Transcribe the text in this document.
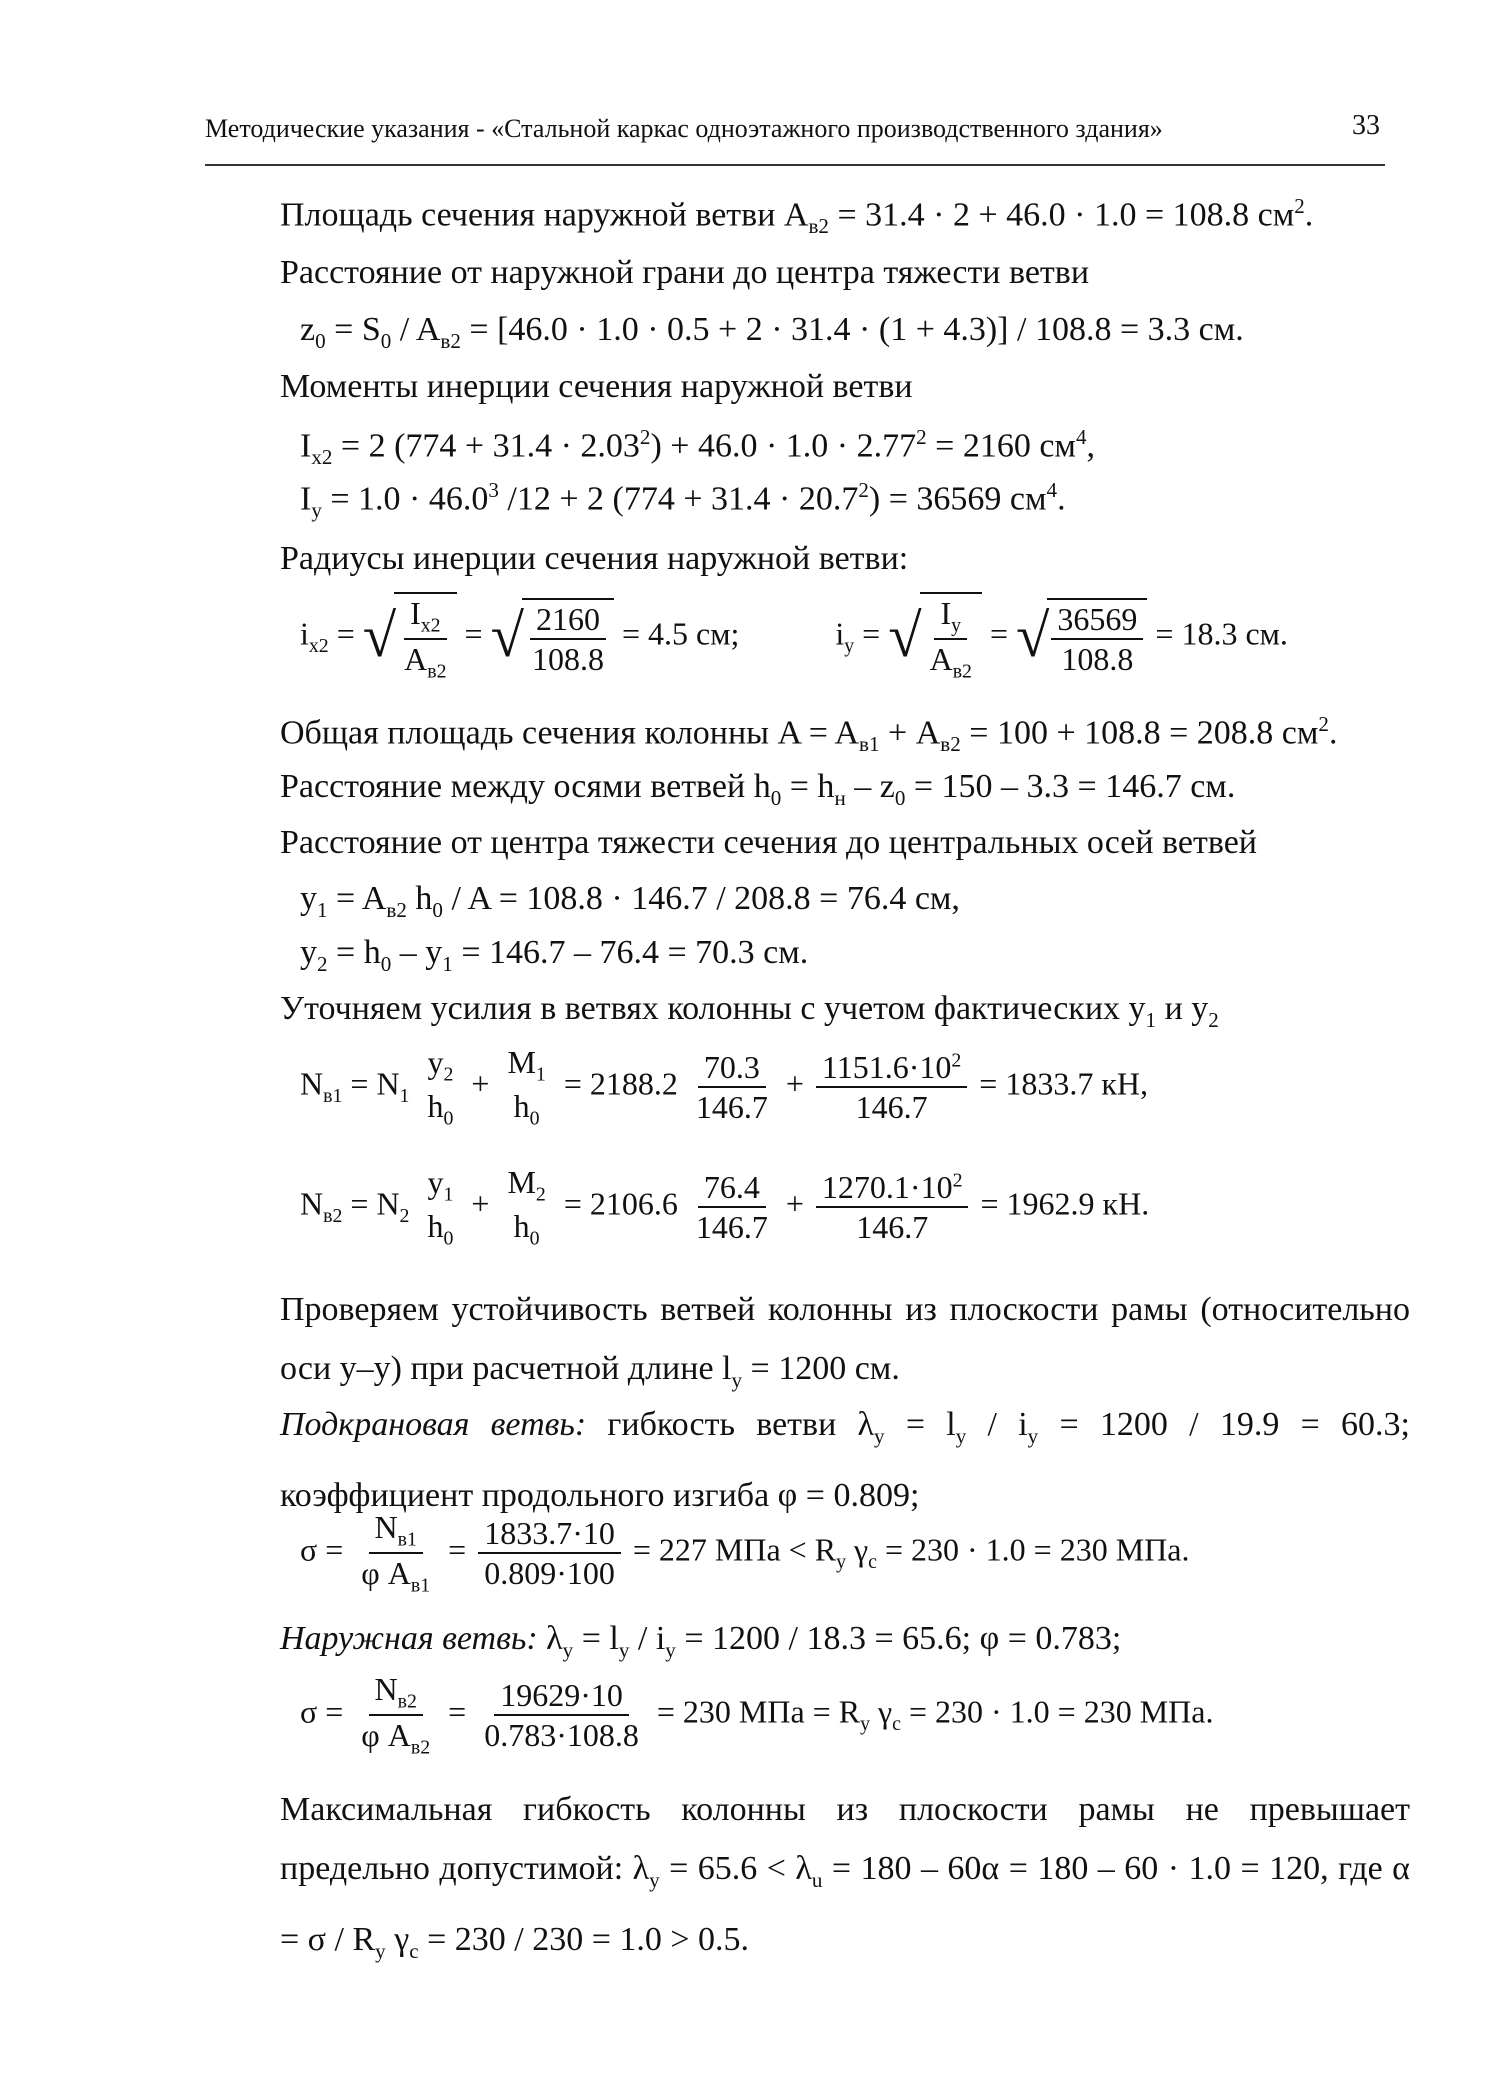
Методические указания - «Стальной каркас одноэтажного производственного здания»	33
Площадь сечения наружной ветви $A_{в2} = 31.4 \cdot 2 + 46.0 \cdot 1.0 = 108.8$ $см^2$.
Расстояние от наружной грани до центра тяжести ветви
$z_0 = S_0 / A_{в2} = [46.0 \cdot 1.0 \cdot 0.5 + 2 \cdot 31.4 \cdot (1 + 4.3)] / 108.8 = 3.3$ см.
Моменты инерции сечения наружной ветви
$I_{x2} = 2$ $(774 + 31.4 \cdot 2.03^2) + 46.0 \cdot 1.0 \cdot 2.77^2 = 2160$ $см^4$,
$I_y = 1.0 \cdot 46.0^3$ /12 + 2 $(774 + 31.4 \cdot 20.7^2) = 36569$ $см^4$.
Радиусы инерции сечения наружной ветви:
$i_{x2}$ = √ $\frac{I_{x2}}{A_{в2}}$ = √ $\frac{2160}{108.8} = 4.5$ см;	$i_y$ = √ $\frac{I_y}{A_{в2}}$ = √ $\frac{36569}{108.8} = 18.3$ см.
Общая площадь сечения колонны $A = A_{в1} + A_{в2} = 100 + 108.8 = 208.8$ $см^2$.
Расстояние между осями ветвей $h_0 = h_н - z_0 = 150 - 3.3 = 146.7$ см.
Расстояние от центра тяжести сечения до центральных осей ветвей
$y_1 = A_{в2}$ $h_0 / A = 108.8 \cdot 146.7 / 208.8 = 76.4$ см,
$y_2 = h_0 - y_1 = 146.7 - 76.4 = 70.3$ см.
Уточняем усилия в ветвях колонны с учетом фактических $y_1$ и $y_2$
$N_{в1} = N_1$
$y_2$
$h_0$
+
$M_1$
$h_0$
= $2188.2 \frac{70.3}{146.7} + \frac{1151.6\cdot 10^2}{146.7} = 1833.7$ кН,
$N_{в2} = N_2$
$y_1$
$h_0$
+
$M_2$
$h_0$
= $2106.6 \frac{76.4}{146.7} + \frac{1270.1\cdot 10^2}{146.7} = 1962.9$ кН.
Проверяем устойчивость ветвей колонны из плоскости рамы (относительно оси y–y) при расчетной длине $l_y = 1200$ см.
Подкрановая ветвь: гибкость ветви $\lambda_y = l_y / i_y = 1200 / 19.9 = 60.3$; коэффициент продольного изгиба φ = 0.809;
$\sigma = \frac{N_{в1}}{\varphi A_{в1}} = \frac{1833.7\cdot 10}{0.809\cdot 100} = 227$ МПа < $R_y$ $\gamma_c = 230 \cdot 1.0 = 230$ МПа.
Наружная ветвь: $\lambda_y = l_y / i_y = 1200 / 18.3 = 65.6$; φ = 0.783;
$\sigma = \frac{N_{в2}}{\varphi A_{в2}} = \frac{19629\cdot 10}{0.783\cdot 108.8} = 230$ МПа = $R_y$ $\gamma_c = 230 \cdot 1.0 = 230$ МПа.
Максимальная гибкость колонны из плоскости рамы не превышает предельно допустимой: $\lambda_y = 65.6 < \lambda_u = 180 - 60\alpha = 180 - 60 \cdot 1.0 = 120$, где $\alpha = \sigma / R_y$ $\gamma_c = 230 / 230 = 1.0 > 0.5$.
